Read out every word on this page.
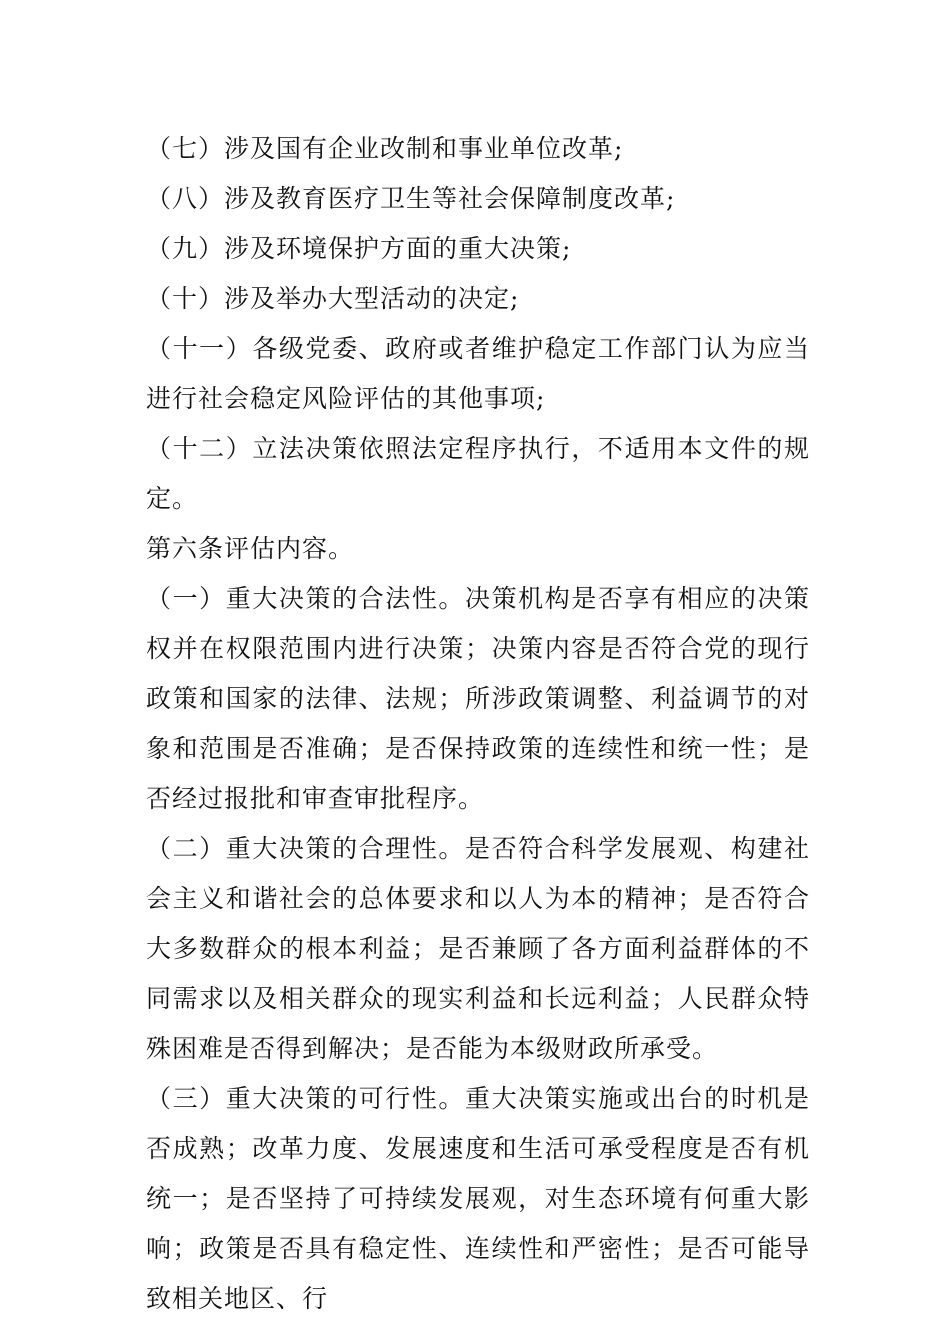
（七）涉及国有企业改制和事业单位改革;

（八）涉及教育医疗卫生等社会保障制度改革;

（九）涉及环境保护方面的重大决策;

（十）涉及举办大型活动的决定;

（十一）各级党委、政府或者维护稳定工作部门认为应当进行社会稳定风险评估的其他事项;

（十二）立法决策依照法定程序执行，不适用本文件的规定。

第六条评估内容。

（一）重大决策的合法性。决策机构是否享有相应的决策权并在权限范围内进行决策；决策内容是否符合党的现行政策和国家的法律、法规；所涉政策调整、利益调节的对象和范围是否准确；是否保持政策的连续性和统一性；是否经过报批和审查审批程序。

（二）重大决策的合理性。是否符合科学发展观、构建社会主义和谐社会的总体要求和以人为本的精神；是否符合大多数群众的根本利益；是否兼顾了各方面利益群体的不同需求以及相关群众的现实利益和长远利益；人民群众特殊困难是否得到解决；是否能为本级财政所承受。

（三）重大决策的可行性。重大决策实施或出台的时机是否成熟；改革力度、发展速度和生活可承受程度是否有机统一；是否坚持了可持续发展观，对生态环境有何重大影响；政策是否具有稳定性、连续性和严密性；是否可能导致相关地区、行
